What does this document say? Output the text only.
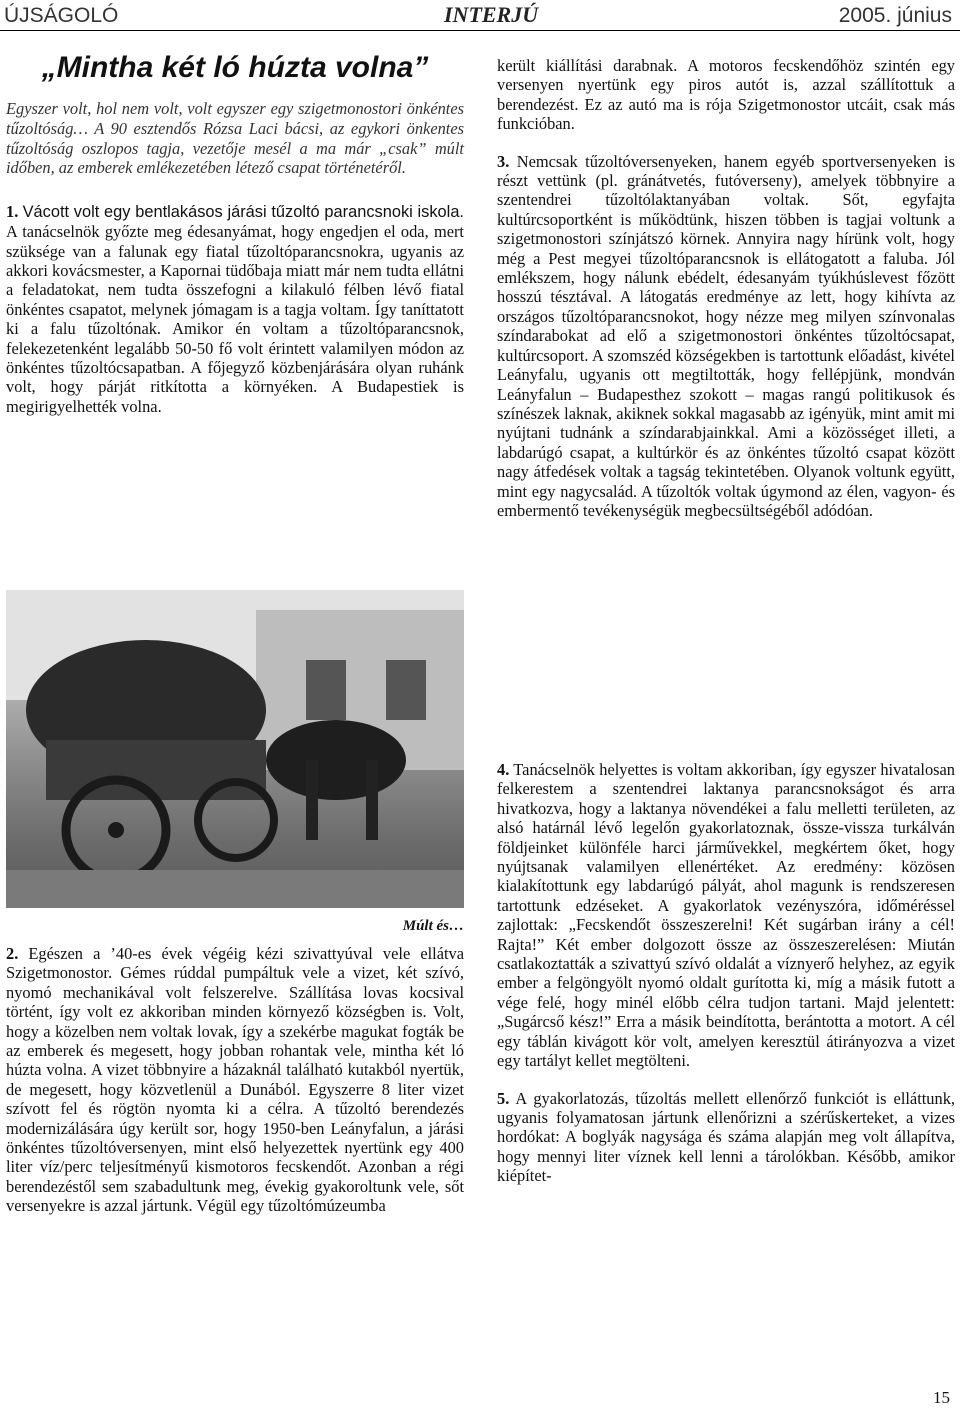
ÚJSÁGOLÓ	INTERJÚ	2005. június
„Mintha két ló húzta volna”
Egyszer volt, hol nem volt, volt egyszer egy szigetmonostori önkéntes tűzoltóság… A 90 esztendős Rózsa Laci bácsi, az egykori önkentes tűzoltóság oszlopos tagja, vezetője mesél a ma már „csak” múlt időben, az emberek emlékezetében létező csapat történetéről.

1. Vácott volt egy bentlakásos járási tűzoltó parancsnoki iskola. A tanácselnök győzte meg édesanyámat, hogy engedjen el oda, mert szüksége van a falunak egy fiatal tűzoltóparancsnokra, ugyanis az akkori kovácsmester, a Kapornai tüdőbaja miatt már nem tudta ellátni a feladatokat, nem tudta összefogni a kilakuló félben lévő fiatal önkéntes csapatot, melynek jómagam is a tagja voltam. Így taníttatott ki a falu tűzoltónak. Amikor én voltam a tűzoltóparancsnok, felekezetenként legalább 50-50 fő volt érintett valamilyen módon az önkéntes tűzoltócsapatban. A főjegyző közbenjárására olyan ruhánk volt, hogy párját ritkította a környéken. A Budapestiek is megirigyelhették volna.

Múlt és…

2. Egészen a ’40-es évek végéig kézi szivattyúval vele ellátva Szigetmonostor. Gémes rúddal pumpáltuk vele a vizet, két szívó, nyomó mechanikával volt felszerelve. Szállítása lovas kocsival történt, így volt ez akkoriban minden környező községben is. Volt, hogy a közelben nem voltak lovak, így a szekérbe magukat fogták be az emberek és megesett, hogy jobban rohantak vele, mintha két ló húzta volna. A vizet többnyire a házaknál található kutakból nyertük, de megesett, hogy közvetlenül a Dunából. Egyszerre 8 liter vizet szívott fel és rögtön nyomta ki a célra. A tűzoltó berendezés modernizálására úgy került sor, hogy 1950-ben Leányfalun, a járási önkéntes tűzoltóversenyen, mint első helyezettek nyertünk egy 400 liter víz/perc teljesítményű kismotoros fecskendőt. Azonban a régi berendezéstől sem szabadultunk meg, évekig gyakoroltunk vele, sőt versenyekre is azzal jártunk. Végül egy tűzoltómúzeumba

került kiállítási darabnak. A motoros fecskendőhöz szintén egy versenyen nyertünk egy piros autót is, azzal szállítottuk a berendezést. Ez az autó ma is rója Szigetmonostor utcáit, csak más funkcióban.

3. Nemcsak tűzoltóversenyeken, hanem egyéb sportversenyeken is részt vettünk (pl. gránátvetés, futóverseny), amelyek többnyire a szentendrei tűzoltólaktanyában voltak. Sőt, egyfajta kultúrcsoportként is működtünk, hiszen többen is tagjai voltunk a szigetmonostori színjátszó körnek. Annyira nagy hírünk volt, hogy még a Pest megyei tűzoltóparancsnok is ellátogatott a faluba. Jól emlékszem, hogy nálunk ebédelt, édesanyám tyúkhúslevest főzött hosszú tésztával. A látogatás eredménye az lett, hogy kihívta az országos tűzoltóparancsnokot, hogy nézze meg milyen színvonalas színdarabokat ad elő a szigetmonostori önkéntes tűzoltócsapat, kultúrcsoport. A szomszéd községekben is tartottunk előadást, kivétel Leányfalu, ugyanis ott megtiltották, hogy fellépjünk, mondván Leányfalun – Budapesthez szokott – magas rangú politikusok és színészek laknak, akiknek sokkal magasabb az igényük, mint amit mi nyújtani tudnánk a színdarabjainkkal. Ami a közösséget illeti, a labdarúgó csapat, a kultúrkör és az önkéntes tűzoltó csapat között nagy átfedések voltak a tagság tekintetében. Olyanok voltunk együtt, mint egy nagycsalád. A tűzoltók voltak úgymond az élen, vagyon- és embermentő tevékenységük megbecsültségéből adódóan.

4. Tanácselnök helyettes is voltam akkoriban, így egyszer hivatalosan felkerestem a szentendrei laktanya parancsnokságot és arra hivatkozva, hogy a laktanya növendékei a falu melletti területen, az alsó határnál lévő legelőn gyakorlatoznak, össze-vissza turkálván földjeinket különféle harci járművekkel, megkértem őket, hogy nyújtsanak valamilyen ellenértéket. Az eredmény: közösen kialakítottunk egy labdarúgó pályát, ahol magunk is rendszeresen tartottunk edzéseket. A gyakorlatok vezényszóra, időméréssel zajlottak: „Fecskendőt összeszerelni! Két sugárban irány a cél! Rajta!” Két ember dolgozott össze az összeszerelésen: Miután csatlakoztatták a szivattyú szívó oldalát a víznyerő helyhez, az egyik ember a felgöngyölt nyomó oldalt gurította ki, míg a másik futott a vége felé, hogy minél előbb célra tudjon tartani. Majd jelentett: „Sugárcső kész!” Erra a másik beindította, berántotta a motort. A cél egy táblán kivágott kör volt, amelyen keresztül átirányozva a vizet egy tartályt kellet megtölteni.

5. A gyakorlatozás, tűzoltás mellett ellenőrző funkciót is elláttunk, ugyanis folyamatosan jártunk ellenőrizni a szérűskerteket, a vizes hordókat: A boglyák nagysága és száma alapján meg volt állapítva, hogy mennyi liter víznek kell lenni a tárolókban. Később, amikor kiépítet-

15
